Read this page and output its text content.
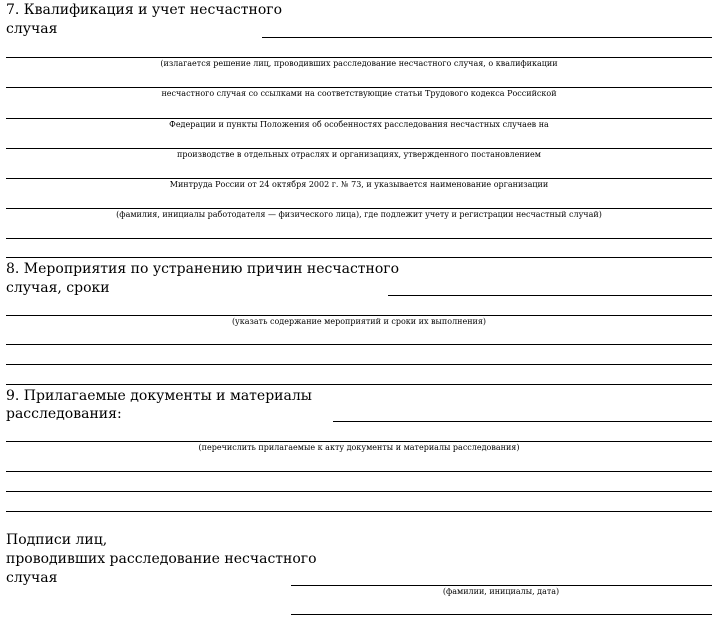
7. Квалификация и учет несчастного
случая
(излагается решение лиц, проводивших расследование несчастного случая, о квалификации
несчастного случая со ссылками на соответствующие статьи Трудового кодекса Российской
Федерации и пункты Положения об особенностях расследования несчастных случаев на
производстве в отдельных отраслях и организациях, утвержденного постановлением
Минтруда России от 24 октября 2002 г. № 73, и указывается наименование организации
(фамилия, инициалы работодателя — физического лица), где подлежит учету и регистрации несчастный случай)
8. Мероприятия по устранению причин несчастного
случая, сроки
(указать содержание мероприятий и сроки их выполнения)
9. Прилагаемые документы и материалы
расследования:
(перечислить прилагаемые к акту документы и материалы расследования)
Подписи лиц,
проводивших расследование несчастного
случая
(фамилии, инициалы, дата)
